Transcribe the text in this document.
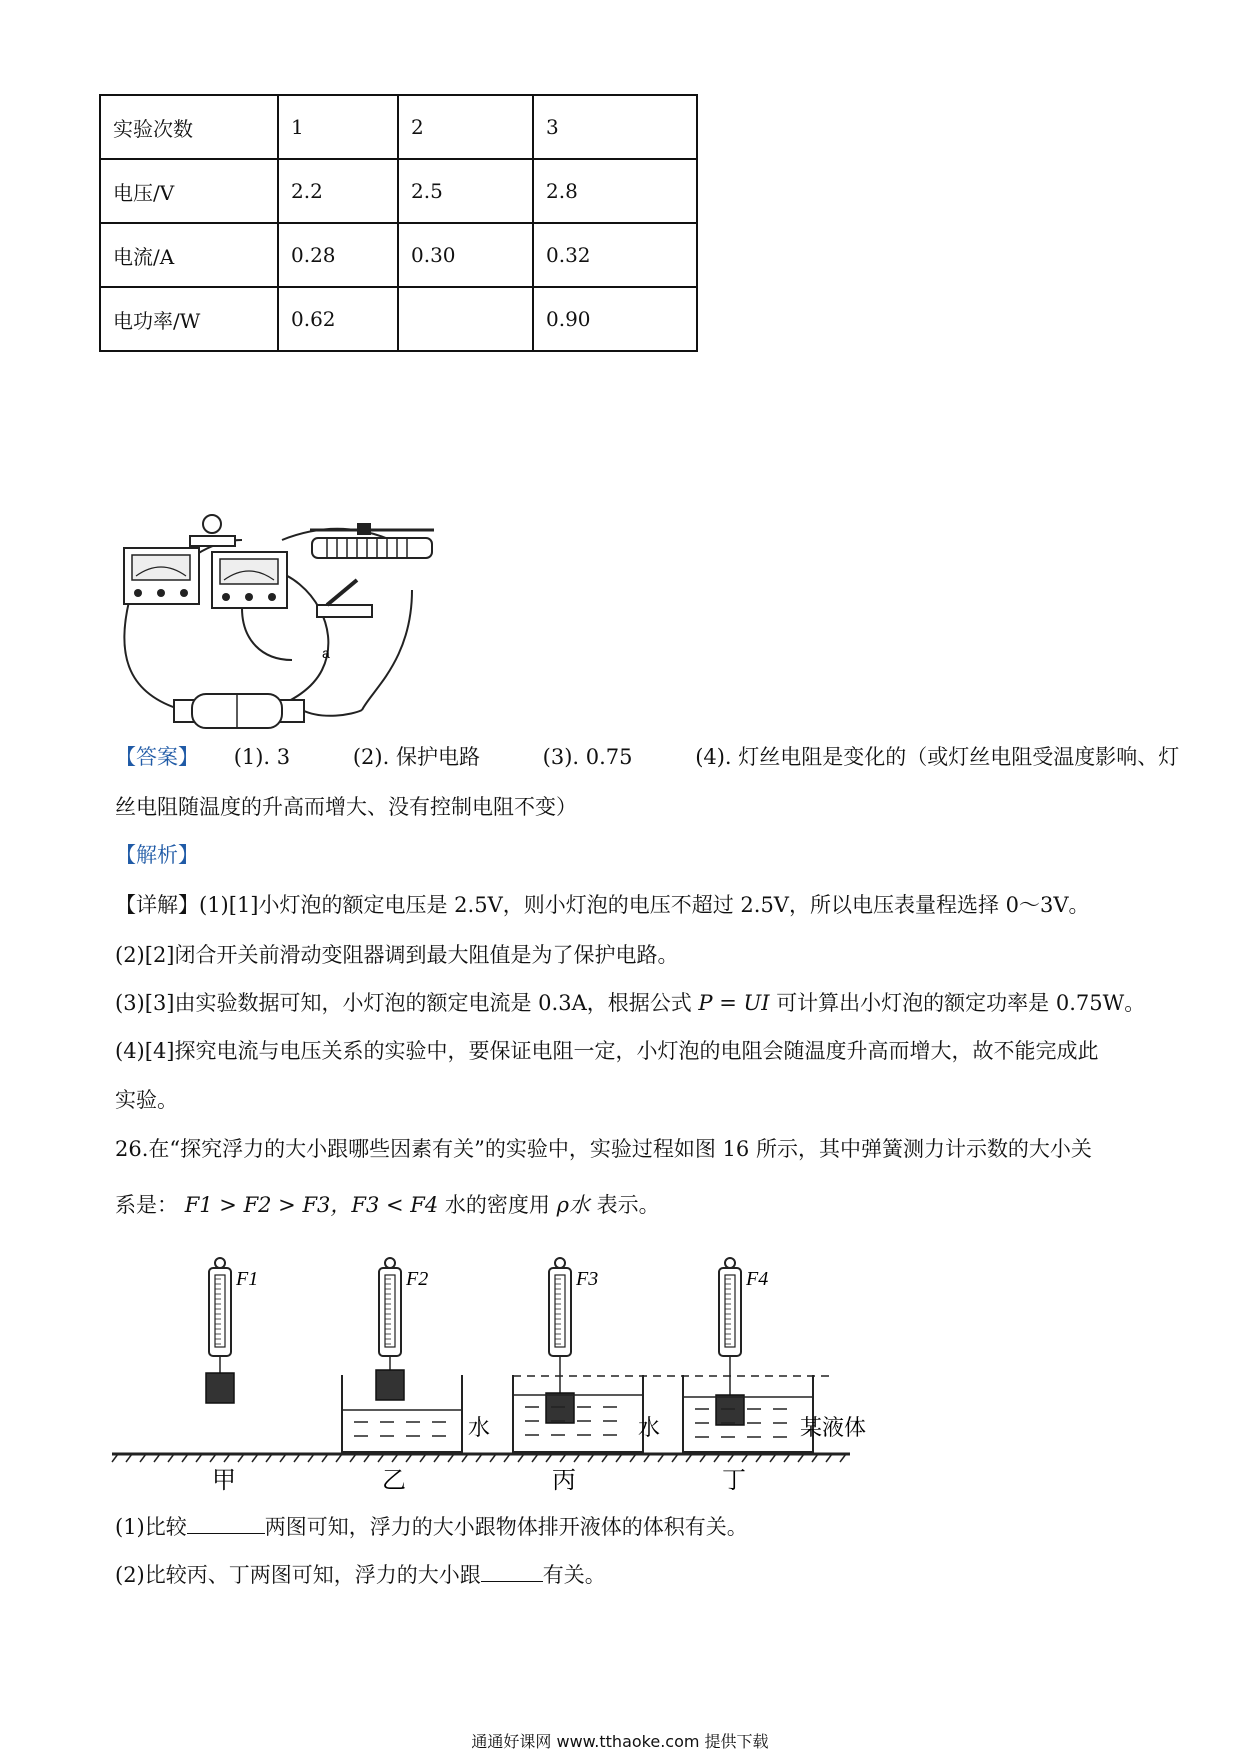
实验次数	1	2	3
电压/V	2.2	2.5	2.8
电流/A	0.28	0.30	0.32
电功率/W	0.62		0.90
a
【答案】 (1). 3	(2). 保护电路	(3). 0.75	(4). 灯丝电阻是变化的（或灯丝电阻受温度影响、灯
丝电阻随温度的升高而增大、没有控制电阻不变）
【解析】
【详解】(1)[1]小灯泡的额定电压是 2.5V，则小灯泡的电压不超过 2.5V，所以电压表量程选择 0～3V。
(2)[2]闭合开关前滑动变阻器调到最大阻值是为了保护电路。
(3)[3]由实验数据可知，小灯泡的额定电流是 0.3A，根据公式 P = UI 可计算出小灯泡的额定功率是 0.75W。
(4)[4]探究电流与电压关系的实验中，要保证电阻一定，小灯泡的电阻会随温度升高而增大，故不能完成此
实验。
26.在“探究浮力的大小跟哪些因素有关”的实验中，实验过程如图 16 所示，其中弹簧测力计示数的大小关
系是： F1 > F2 > F3，F3 < F4 水的密度用 ρ水 表示。
F1
甲
F2
乙
F3
丙
F4
丁
水	水	某液体
(1)比较	两图可知，浮力的大小跟物体排开液体的体积有关。
(2)比较丙、丁两图可知，浮力的大小跟	有关。
通通好课网 www.tthaoke.com 提供下载
